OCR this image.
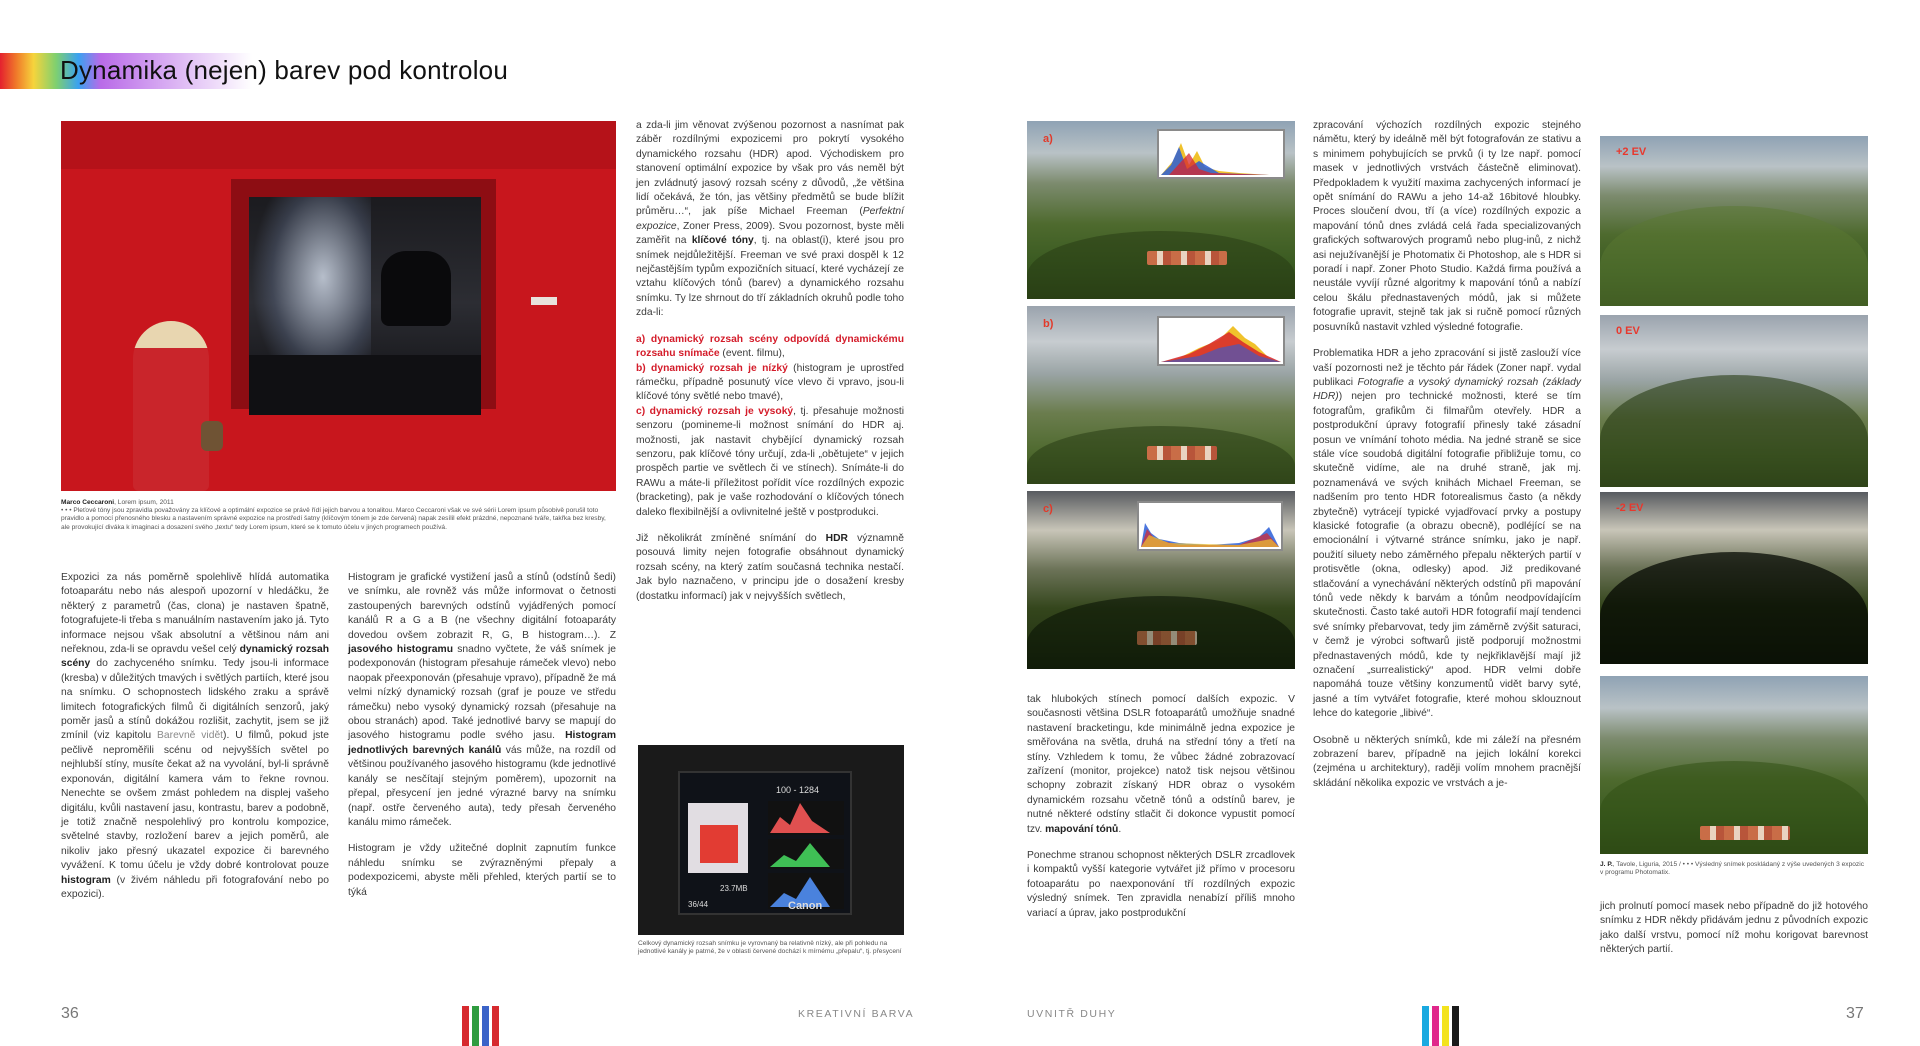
Dynamika (nejen) barev pod kontrolou
Marco Ceccaroni, Lorem ipsum, 2011
• • • Pleťové tóny jsou zpravidla považovány za klíčové a optimální expozice se právě řídí jejich barvou a tonalitou. Marco Ceccaroni však ve své sérii Lorem ipsum působivě porušil toto pravidlo a pomocí přenosného blesku a nastavením správné expozice na prostředí šatny (klíčovým tónem je zde červená) napak zesílil efekt prázdné, nepoznané tváře, takřka bez kresby, ale provokující diváka k imaginaci a dosazení svého „textu“ tedy Lorem ipsum, které se k tomuto účelu v jiných programech používá.

Expozici za nás poměrně spolehlivě hlídá automatika fotoaparátu nebo nás alespoň upozorní v hledáčku, že některý z parametrů (čas, clona) je nastaven špatně, fotografujete-li třeba s manuálním nastavením jako já. Tyto informace nejsou však absolutní a většinou nám ani neřeknou, zda-li se opravdu vešel celý dynamický rozsah scény do zachyceného snímku. Tedy jsou-li informace (kresba) v důležitých tmavých i světlých partiích, které jsou na snímku. O schopnostech lidského zraku a správě limitech fotografických filmů či digitálních senzorů, jaký poměr jasů a stínů dokážou rozlišit, zachytit, jsem se již zmínil (viz kapitolu Barevně vidět). U filmů, pokud jste pečlivě neproměřili scénu od nejvyšších světel po nejhlubší stíny, musíte čekat až na vyvolání, byl-li správně exponován, digitální kamera vám to řekne rovnou. Nenechte se ovšem zmást pohledem na displej vašeho digitálu, kvůli nastavení jasu, kontrastu, barev a podobně, je totiž značně nespolehlivý pro kontrolu kompozice, světelné stavby, rozložení barev a jejich poměrů, ale nikoliv jako přesný ukazatel expozice či barevného vyvážení. K tomu účelu je vždy dobré kontrolovat pouze histogram (v živém náhledu při fotografování nebo po expozici).

Histogram je grafické vystižení jasů a stínů (odstínů šedi) ve snímku, ale rovněž vás může informovat o četnosti zastoupených barevných odstínů vyjádřených pomocí kanálů R a G a B (ne všechny digitální fotoaparáty dovedou ovšem zobrazit R, G, B histogram…). Z jasového histogramu snadno vyčtete, že váš snímek je podexponován (histogram přesahuje rámeček vlevo) nebo naopak přeexponován (přesahuje vpravo), případně že má velmi nízký dynamický rozsah (graf je pouze ve středu rámečku) nebo vysoký dynamický rozsah (přesahuje na obou stranách) apod. Také jednotlivé barvy se mapují do jasového histogramu podle svého jasu. Histogram jednotlivých barevných kanálů vás může, na rozdíl od většinou používaného jasového histogramu (kde jednotlivé kanály se nesčítají stejným poměrem), upozornit na přepal, přesycení jen jedné výrazné barvy na snímku (např. ostře červeného auta), tedy přesah červeného kanálu mimo rámeček.

Histogram je vždy užitečné doplnit zapnutím funkce náhledu snímku se zvýrazněnými přepaly a podexpozicemi, abyste měli přehled, kterých partií se to týká

a zda-li jim věnovat zvýšenou pozornost a nasnímat pak záběr rozdílnými expozicemi pro pokrytí vysokého dynamického rozsahu (HDR) apod. Východiskem pro stanovení optimální expozice by však pro vás neměl být jen zvládnutý jasový rozsah scény z důvodů, „že většina lidí očekává, že tón, jas většiny předmětů se bude blížit průměru…“, jak píše Michael Freeman (Perfektní expozice, Zoner Press, 2009). Svou pozornost, byste měli zaměřit na klíčové tóny, tj. na oblast(i), které jsou pro snímek nejdůležitější. Freeman ve své praxi dospěl k 12 nejčastějším typům expozičních situací, které vycházejí ze vztahu klíčových tónů (barev) a dynamického rozsahu snímku. Ty lze shrnout do tří základních okruhů podle toho zda-li:

a) dynamický rozsah scény odpovídá dynamickému rozsahu snímače (event. filmu),
b) dynamický rozsah je nízký (histogram je uprostřed rámečku, případně posunutý více vlevo či vpravo, jsou-li klíčové tóny světlé nebo tmavé),
c) dynamický rozsah je vysoký, tj. přesahuje možnosti senzoru (pomineme-li možnost snímání do HDR aj. možnosti, jak nastavit chybějící dynamický rozsah senzoru, pak klíčové tóny určují, zda-li „obětujete“ v jejich prospěch partie ve světlech či ve stínech). Snímáte-li do RAWu a máte-li příležitost pořídit více rozdílných expozic (bracketing), pak je vaše rozhodování o klíčových tónech daleko flexibilnější a ovlivnitelné ještě v postprodukci.

Již několikrát zmíněné snímání do HDR významně posouvá limity nejen fotografie obsáhnout dynamický rozsah scény, na který zatím současná technika nestačí. Jak bylo naznačeno, v principu jde o dosažení kresby (dostatku informací) jak v nejvyšších světlech,

100 - 1284
23.7MB
36/44	Canon
Celkový dynamický rozsah snímku je vyrovnaný ba relativně nízký, ale při pohledu na jednotlivé kanály je patrné, že v oblasti červené dochází k mírnému „přepalu“, tj. přesycení
36	KREATIVNÍ BARVA
a)
b)
c)

tak hlubokých stínech pomocí dalších expozic. V současnosti většina DSLR fotoaparátů umožňuje snadné nastavení bracketingu, kde minimálně jedna expozice je směřována na světla, druhá na střední tóny a třetí na stíny. Vzhledem k tomu, že vůbec žádné zobrazovací zařízení (monitor, projekce) natož tisk nejsou většinou schopny zobrazit získaný HDR obraz o vysokém dynamickém rozsahu včetně tónů a odstínů barev, je nutné některé odstíny stlačit či dokonce vypustit pomocí tzv. mapování tónů.

Ponechme stranou schopnost některých DSLR zrcadlovek i kompaktů vyšší kategorie vytvářet již přímo v procesoru fotoaparátu po naexponování tří rozdílných expozic výsledný snímek. Ten zpravidla nenabízí příliš mnoho variací a úprav, jako postprodukční

zpracování výchozích rozdílných expozic stejného námětu, který by ideálně měl být fotografován ze stativu a s minimem pohybujících se prvků (i ty lze např. pomocí masek v jednotlivých vrstvách částečně eliminovat). Předpokladem k využití maxima zachycených informací je opět snímání do RAWu a jeho 14-až 16bitové hloubky. Proces sloučení dvou, tří (a více) rozdílných expozic a mapování tónů dnes zvládá celá řada specializovaných grafických softwarových programů nebo plug-inů, z nichž asi nejužívanější je Photomatix či Photoshop, ale s HDR si poradí i např. Zoner Photo Studio. Každá firma používá a neustále vyvíjí různé algoritmy k mapování tónů a nabízí celou škálu přednastavených módů, jak si můžete fotografie upravit, stejně tak jak si ručně pomocí různých posuvníků nastavit vzhled výsledné fotografie.

Problematika HDR a jeho zpracování si jistě zaslouží více vaší pozornosti než je těchto pár řádek (Zoner např. vydal publikaci Fotografie a vysoký dynamický rozsah (základy HDR)) nejen pro technické možnosti, které se tím fotografům, grafikům či filmařům otevřely. HDR a postprodukční úpravy fotografií přinesly také zásadní posun ve vnímání tohoto média. Na jedné straně se sice stále více soudobá digitální fotografie přibližuje tomu, co skutečně vidíme, ale na druhé straně, jak mj. poznamenává ve svých knihách Michael Freeman, se nadšením pro tento HDR fotorealismus často (a někdy zbytečně) vytrácejí typické vyjadřovací prvky a postupy klasické fotografie (a obrazu obecně), podléjící se na emocionální i výtvarné stránce snímku, jako je např. použití siluety nebo záměrného přepalu některých partií v protisvětle (okna, odlesky) apod. Již predikované stlačování a vynechávání některých odstínů při mapování tónů vede někdy k barvám a tónům neodpovídajícím skutečnosti. Často také autoři HDR fotografií mají tendenci své snímky přebarvovat, tedy jim záměrně zvýšit saturaci, v čemž je výrobci softwarů jistě podporují možnostmi přednastavených módů, kde ty nejkřiklavější mají již označení „surrealistický“ apod. HDR velmi dobře napomáhá touze většiny konzumentů vidět barvy syté, jasné a tím vytvářet fotografie, které mohou sklouznout lehce do kategorie „libivé“.

Osobně u některých snímků, kde mi záleží na přesném zobrazení barev, případně na jejich lokální korekci (zejména u architektury), raději volím mnohem pracnější skládání několika expozic ve vrstvách a je-

+2 EV
0 EV
-2 EV
J. P., Tavole, Liguria, 2015 / • • • Výsledný snímek poskládaný z výše uvedených 3 expozic v programu Photomatix.

jich prolnutí pomocí masek nebo případně do již hotového snímku z HDR někdy přidávám jednu z původních expozic jako další vrstvu, pomocí níž mohu korigovat barevnost některých partií.

UVNITŘ DUHY	37
